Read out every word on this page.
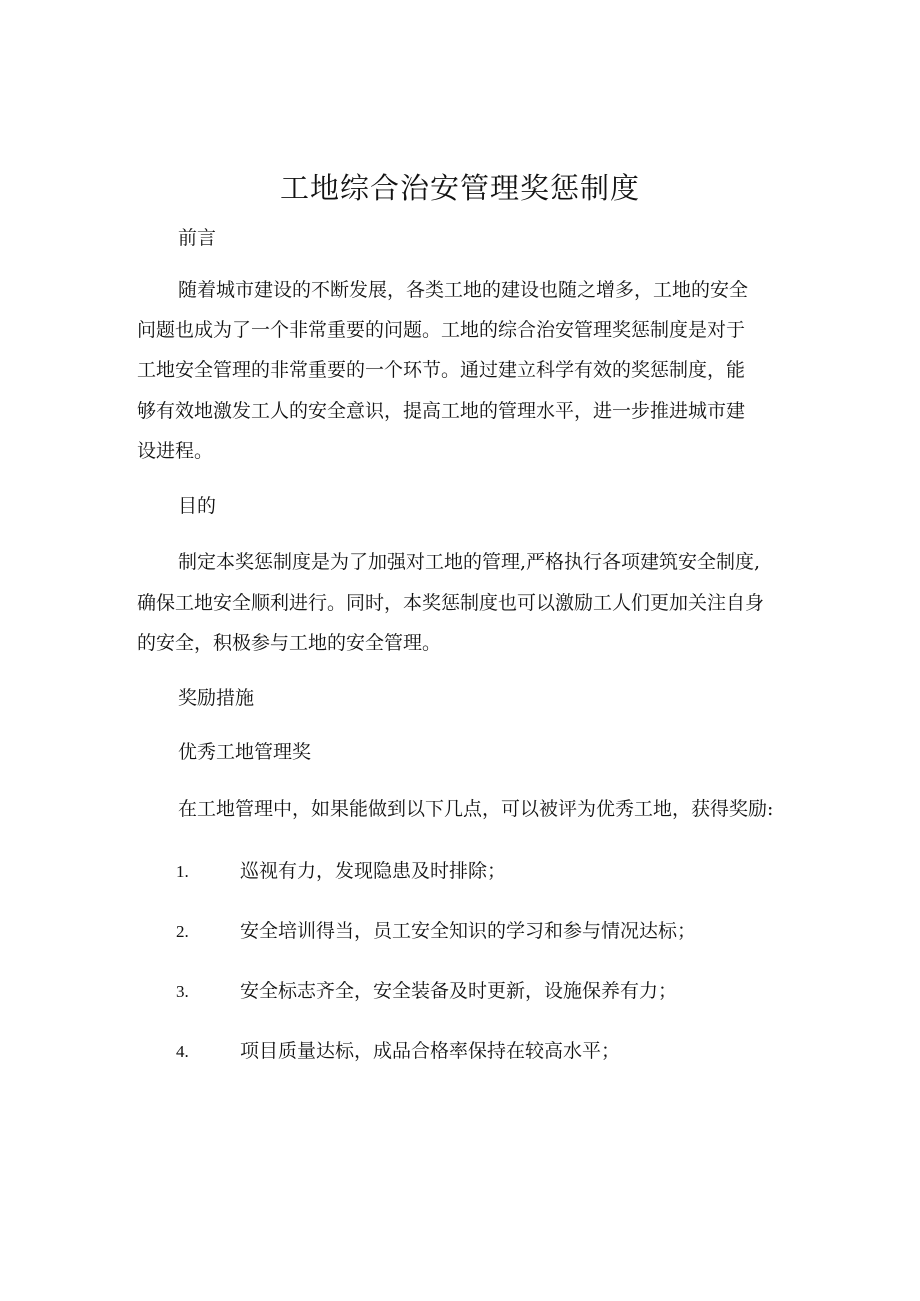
工地综合治安管理奖惩制度
前言
随着城市建设的不断发展，各类工地的建设也随之增多，工地的安全
问题也成为了一个非常重要的问题。工地的综合治安管理奖惩制度是对于
工地安全管理的非常重要的一个环节。通过建立科学有效的奖惩制度，能
够有效地激发工人的安全意识，提高工地的管理水平，进一步推进城市建
设进程。
目的
制定本奖惩制度是为了加强对工地的管理,严格执行各项建筑安全制度,
确保工地安全顺利进行。同时，本奖惩制度也可以激励工人们更加关注自身
的安全，积极参与工地的安全管理。
奖励措施
优秀工地管理奖
在工地管理中，如果能做到以下几点，可以被评为优秀工地，获得奖励:
1.	巡视有力，发现隐患及时排除；
2.	安全培训得当，员工安全知识的学习和参与情况达标；
3.	安全标志齐全，安全装备及时更新，设施保养有力；
4.	项目质量达标，成品合格率保持在较高水平；
